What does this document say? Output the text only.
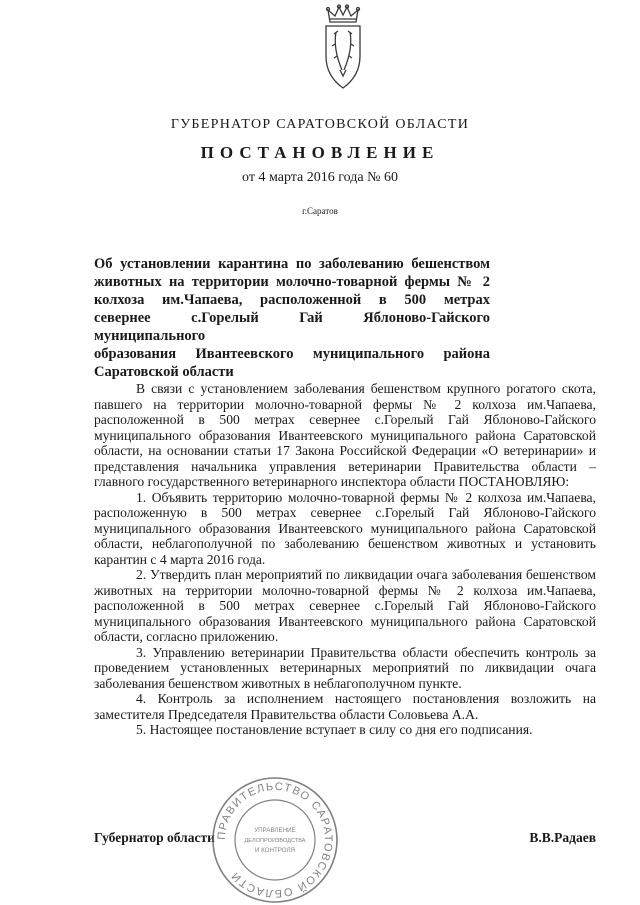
ГУБЕРНАТОР САРАТОВСКОЙ ОБЛАСТИ
ПОСТАНОВЛЕНИЕ
от 4 марта 2016 года № 60
г.Саратов
Об установлении карантина по заболеванию бешенством
животных на территории молочно-товарной фермы № 2
колхоза им.Чапаева, расположенной в 500 метрах
севернее с.Горелый Гай Яблоново-Гайского муниципального
образования Ивантеевского муниципального района
Саратовской области

В связи с установлением заболевания бешенством крупного рогатого скота, павшего на территории молочно-товарной фермы № 2 колхоза им.Чапаева, расположенной в 500 метрах севернее с.Горелый Гай Яблоново-Гайского муниципального образования Ивантеевского муниципального района Саратовской области, на основании статьи 17 Закона Российской Федерации «О ветеринарии» и представления начальника управления ветеринарии Правительства области – главного государственного ветеринарного инспектора области ПОСТАНОВЛЯЮ:

1. Объявить территорию молочно-товарной фермы № 2 колхоза им.Чапаева, расположенную в 500 метрах севернее с.Горелый Гай Яблоново-Гайского муниципального образования Ивантеевского муниципального района Саратовской области, неблагополучной по заболеванию бешенством животных и установить карантин с 4 марта 2016 года.

2. Утвердить план мероприятий по ликвидации очага заболевания бешенством животных на территории молочно-товарной фермы № 2 колхоза им.Чапаева, расположенной в 500 метрах севернее с.Горелый Гай Яблоново-Гайского муниципального образования Ивантеевского муниципального района Саратовской области, согласно приложению.

3. Управлению ветеринарии Правительства области обеспечить контроль за проведением установленных ветеринарных мероприятий по ликвидации очага заболевания бешенством животных в неблагополучном пункте.

4. Контроль за исполнением настоящего постановления возложить на заместителя Председателя Правительства области Соловьева А.А.

5. Настоящее постановление вступает в силу со дня его подписания.

Губернатор области	В.В.Радаев
ПРАВИТЕЛЬСТВО САРАТОВСКОЙ ОБЛАСТИ
УПРАВЛЕНИЕ
ДЕЛОПРОИЗВОДСТВА
И КОНТРОЛЯ
